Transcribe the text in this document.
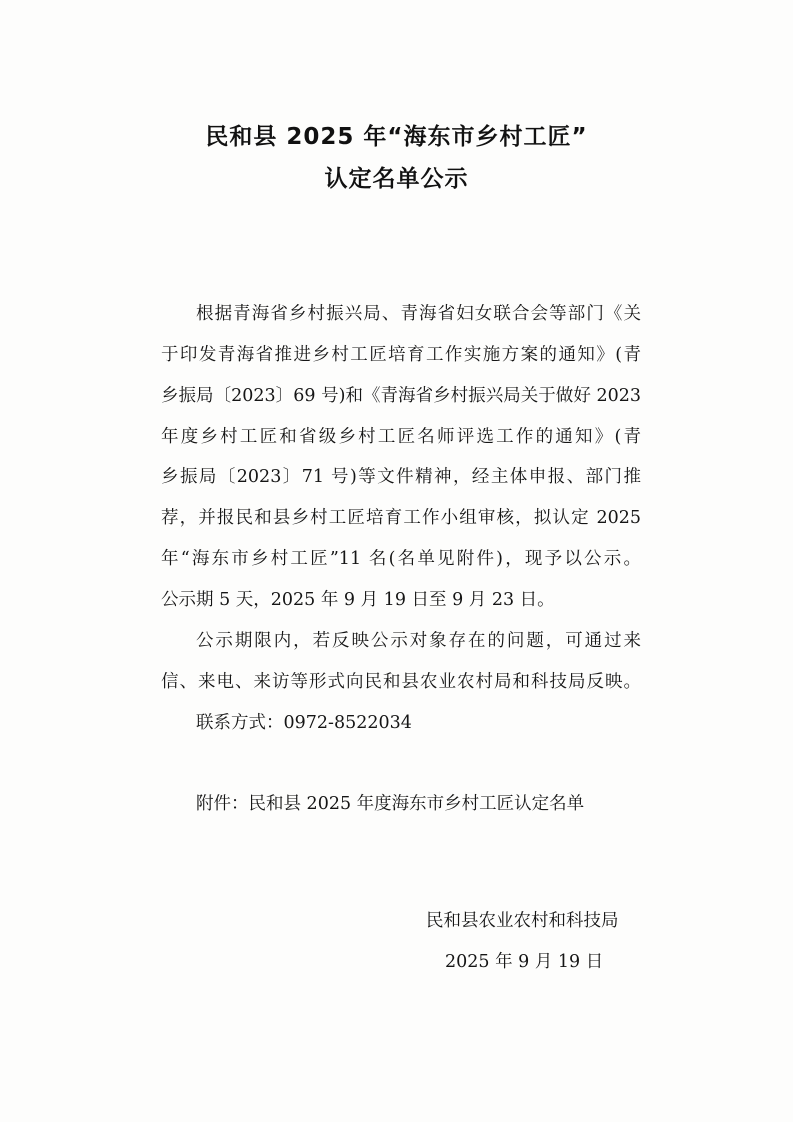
民和县 2025 年“海东市乡村工匠”
认定名单公示
根据青海省乡村振兴局、青海省妇女联合会等部门《关
于印发青海省推进乡村工匠培育工作实施方案的通知》(青
乡振局〔2023〕69 号)和《青海省乡村振兴局关于做好 2023
年度乡村工匠和省级乡村工匠名师评选工作的通知》(青
乡振局〔2023〕71 号)等文件精神，经主体申报、部门推
荐，并报民和县乡村工匠培育工作小组审核，拟认定 2025
年“海东市乡村工匠”11 名(名单见附件)，现予以公示。
公示期 5 天，2025 年 9 月 19 日至 9 月 23 日。
公示期限内，若反映公示对象存在的问题，可通过来
信、来电、来访等形式向民和县农业农村局和科技局反映。
联系方式：0972-8522034
附件：民和县 2025 年度海东市乡村工匠认定名单
民和县农业农村和科技局
2025 年 9 月 19 日
